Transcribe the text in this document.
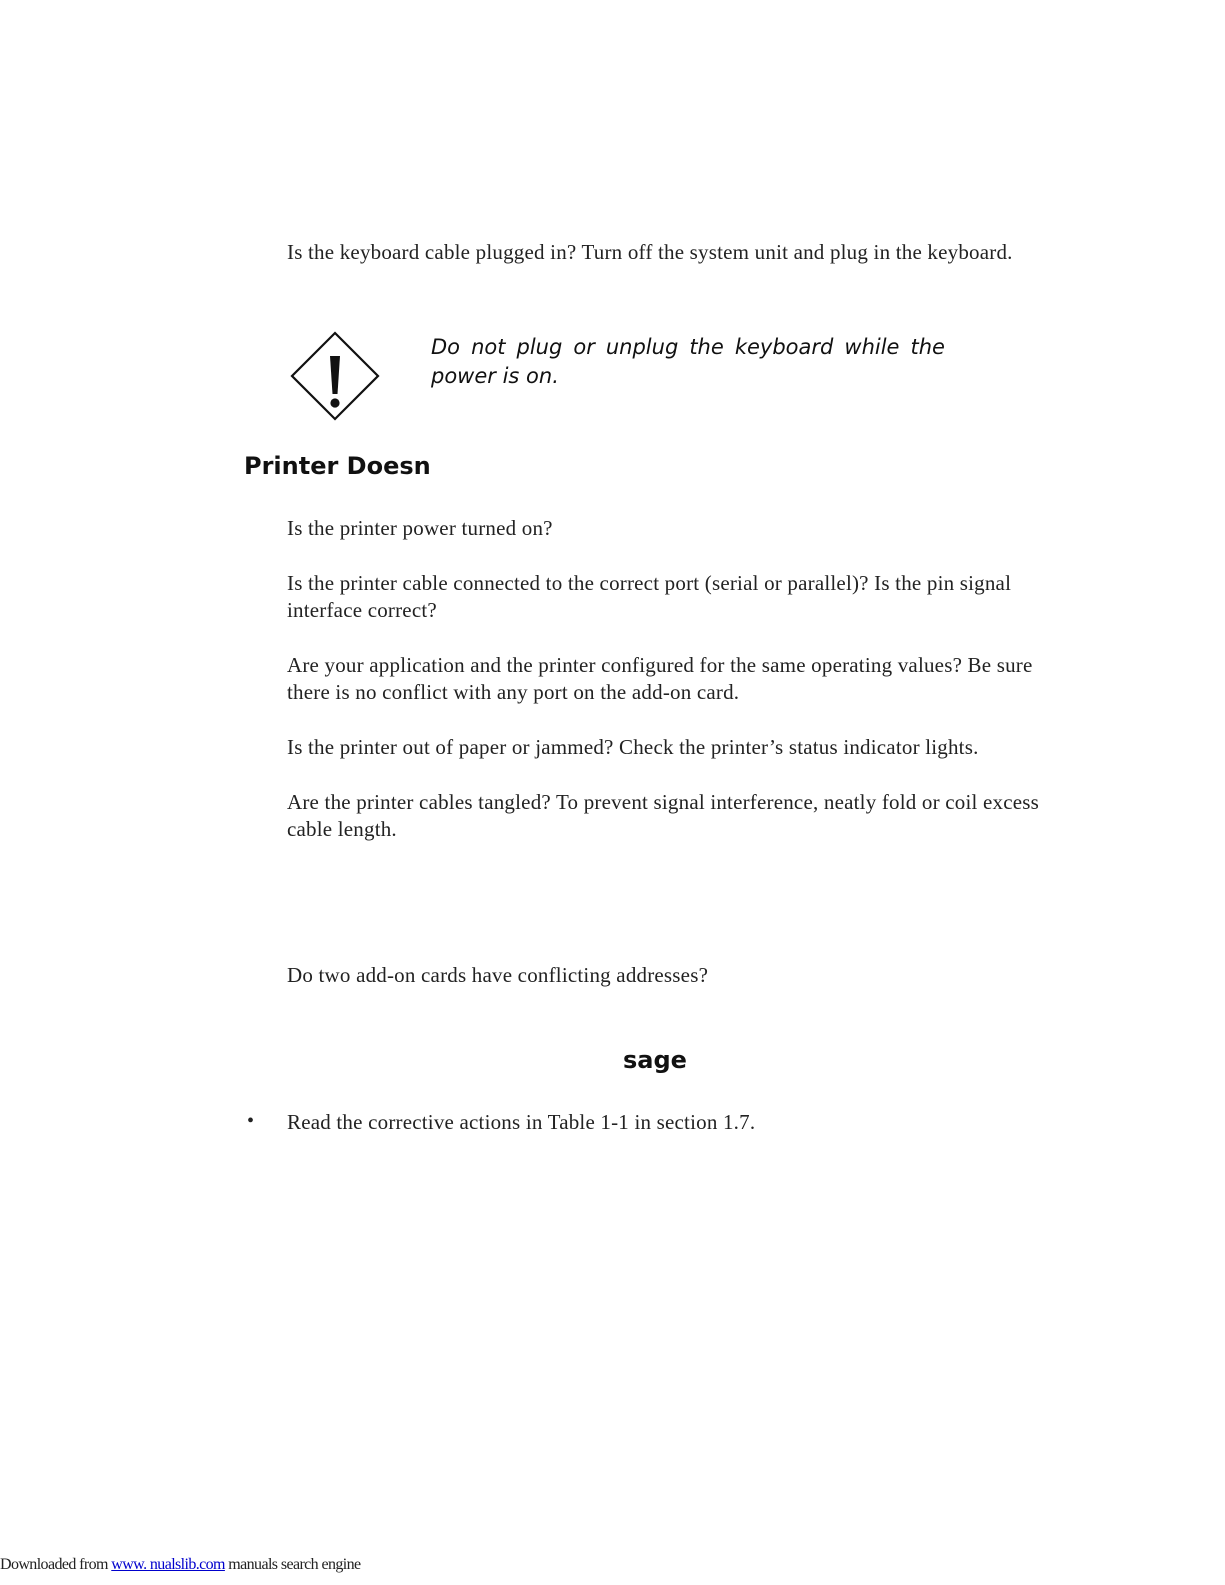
Is the keyboard cable plugged in? Turn off the system unit and plug in the keyboard.
Do not plug or unplug the keyboard while the
power is on.
Printer Doesn
Is the printer power turned on?
Is the printer cable connected to the correct port (serial or parallel)? Is the pin signal
interface correct?
Are your application and the printer configured for the same operating values? Be sure
there is no conflict with any port on the add-on card.
Is the printer out of paper or jammed? Check the printer’s status indicator lights.
Are the printer cables tangled? To prevent signal interference, neatly fold or coil excess
cable length.
Do two add-on cards have conflicting addresses?
sage
• Read the corrective actions in Table 1-1 in section 1.7.
Downloaded from www. nualslib.com manuals search engine
